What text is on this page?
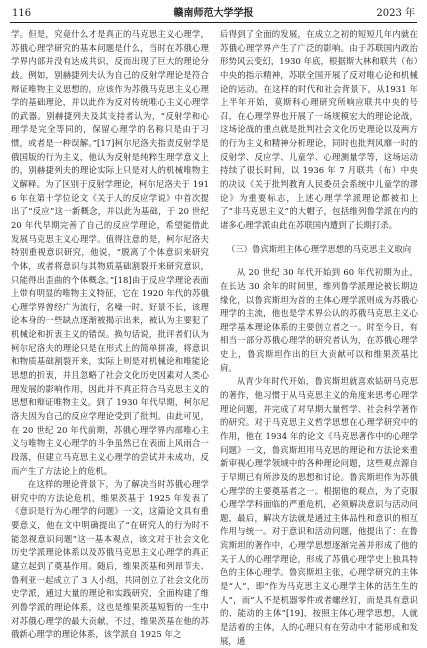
116	赣南师范大学学报	2023 年

学。但是，究竟什么才是真正的马克思主义心理学，苏俄心理学研究的基本问题是什么，当时在苏俄心理学界内部并没有达成共识，反而出现了巨大的理论分歧。例如，别赫捷列夫认为自己的反射学理论是符合辩证唯物主义思想的，应该作为苏俄马克思主义心理学的基础理论，并以此作为反对传统唯心主义心理学的武器。别赫捷列夫及其支持者认为，“反射学和心理学是完全等同的，保留心理学的名称只是由于习惯，或者是一种误解。”[17]柯尔尼洛夫指责反射学是俄国版的行为主义，他认为反射是纯粹生理学意义上的，别赫捷列夫的理论实际上只是对人的机械唯物主义解释。为了区别于反射学理论，柯尔尼洛夫于 1916 年在第十学位论文《关于人的反应学说》中首次提出了“反应”这一新概念，并以此为基础，于 20 世纪 20 年代早期完善了自己的反应学理论，希望能借此发展马克思主义心理学。值得注意的是，柯尔尼洛夫特别重视意识研究，他说，“脱离了个体意识来研究个体，或者将意识与其物质基础割裂开来研究意识，只能得出歪曲的个体概念。”[18]由于反应学理论表面上带有明显的唯物主义特征，它在 1920 年代的苏俄心理学界曾经广为流行，名噪一时。好景不长，该理论本身的一些缺点逐渐被揭示出来，被认为主要犯了机械论和折衷主义的错误。换句话说，批评者们认为柯尔尼洛夫的理论只是在形式上的简单拼凑，将意识和物质基础割裂开来，实际上则是对机械论和唯能论思想的折衷，并且忽略了社会文化历史因素对人类心理发展的影响作用，因此并不真正符合马克思主义的思想和辩证唯物主义。到了 1930 年代早期，柯尔尼洛夫因为自己的反应学理论受到了批判。由此可见，在 20 世纪 20 年代前期，苏俄心理学界内部唯心主义与唯物主义心理学的斗争虽然已在表面上风雨合一段落，但建立马克思主义心理学的尝试并未成功，反而产生了方法论上的危机。

在这样的理论背景下，为了解决当时苏俄心理学研究中的方法论危机，维果茨基于 1925 年发表了《意识是行为心理学的问题》一文，这篇论文具有重要意义，他在文中明确提出了“在研究人的行为时不能忽视意识问题”这一基本观点，该文对于社会文化历史学派理论体系以及苏俄马克思主义心理学的真正建立起到了奠基作用。随后，维果茨基和列昂节夫、鲁利亚一起成立了 3 人小组，共同创立了社会文化历史学派，通过大量的理论和实践研究，全面构建了维列鲁学派的理论体系，这也是维果茨基短暂的一生中对苏俄心理学的最大贡献，不过，维果茨基在他的苏俄新心理学的理论体系，该学派自 1925 年之

后得到了全面的发展，在成立之初的短短几年内就在苏俄心理学界产生了广泛的影响。由于苏联国内政治形势风云变幻，1930 年底，根据斯大林和联共（布）中央的指示精神，苏联全国开展了反对唯心论和机械论的运动。在这样的时代和社会背景下，从1931 年上半年开始，莫斯科心理研究所响应联共中央的号召，在心理学界也开展了一场规模宏大的理论论战，这场论战的重点就是批判社会文化历史理论以及两方的行为主义和精神分析理论，同时也批判风靡一时的反射学、反应学、儿童学、心理测量学等，这场运动持续了很长时间，以 1936 年 7 月联共（布）中央的决议《关于批判教育人民委员会系统中儿童学的谬论》为重要标志，上述心理学学派理论都被扣上了“非马克思主义”的大帽子，包括维列鲁学派在内的诸多心理学派由此在苏联国内遭到了长期打杀。

（三）鲁宾斯坦主体心理学思想的马克思主义取向

从 20 世纪 30 年代开始到 60 年代初期为止，在长达 30 余年的时间里，维列鲁学派理论被长期边缘化，以鲁宾斯坦为首的主体心理学派则成为苏俄心理学的主流，他也是学术界公认的苏俄马克思主义心理学基本理论体系的主要创立者之一。时至今日，有相当一部分苏俄心理学的研究者认为，在苏俄心理学史上，鲁宾斯坦作出的巨大贡献可以和维果茨基比肩。

从青少年时代开始，鲁宾斯坦就喜欢钻研马克思的著作，他习惯于从马克思主义的角度来思考心理学理论问题，并完成了对早期大量哲学、社会科学著作的研究。对于马克思主义哲学思想在心理学研究中的作用，他在 1934 年的论文《马克思著作中的心理学问题》一文，鲁宾斯坦用马克思的理论和方法论来重新审视心理学领域中的各种理论问题，这些观点源自于早期已有所涉及的思想和讨论。鲁宾斯坦作为苏俄心理学的主要奠基者之一。根据他的观点，为了克服心理学学科面临的严重危机，必须解决意识与活动问题，最后，解决方法就是通过主体品性和意识的相互作用与统一。对于意识和活动问题，他提出了：在鲁宾斯坦的著作中，心理学思想逐渐完善并形成了他的关于人的心理学理论，形成了苏俄心理学史上独具特色的主体心理学。鲁宾斯坦主张，心理学研究的主体是“人”，即“作为马克思主义心理学主体的活生生的人”，而“人不是机器零件或者螺丝钉，而是具有意识的、能动的主体”[19]，按照主体心理学思想，人就是活着的主体，人的心理只有在劳动中才能形成和发展，通
